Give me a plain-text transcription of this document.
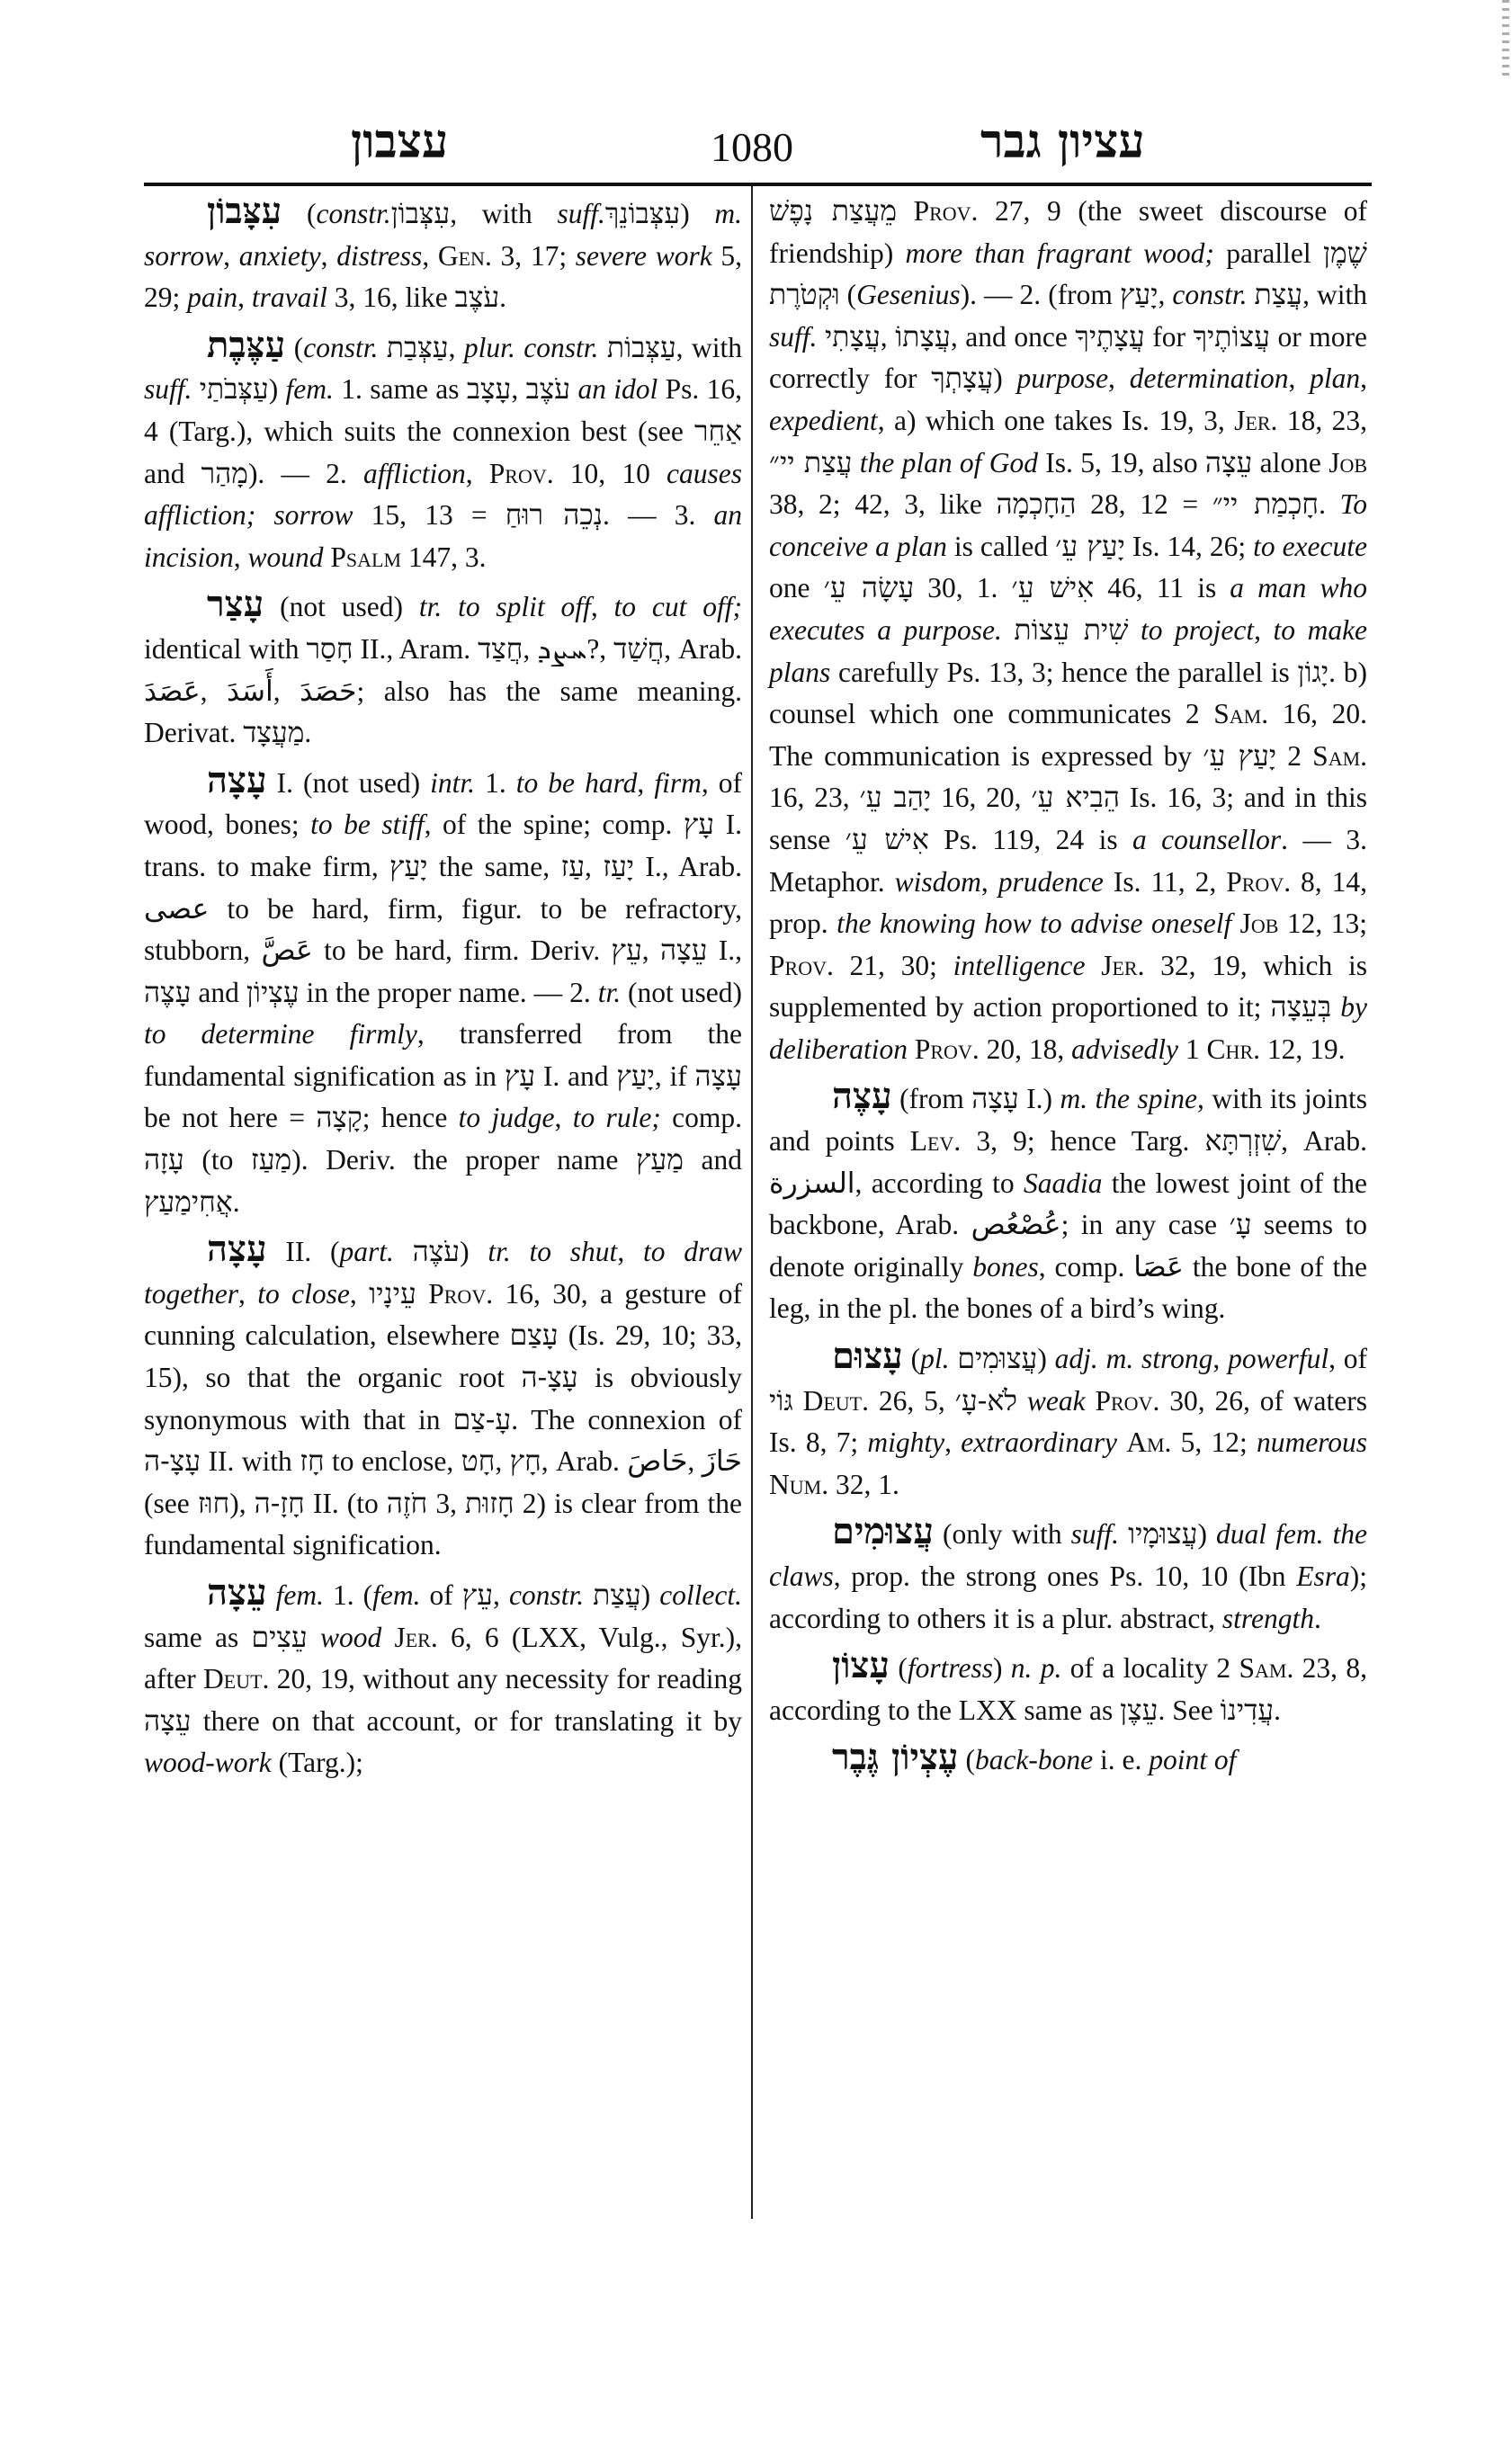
עצבון	1080	עציון גבר

עִצָּבוֹן (constr.עִצְּבוֹן, with suff.עִצְּבוֹנֵךְ) m. sorrow, anxiety, distress, Gen. 3, 17; severe work 5, 29; pain, travail 3, 16, like עֹצֶב.

עַצֶּבֶת (constr. עַצְּבַת, plur. constr. עַצְּבוֹת, with suff. עַצְּבֹתַי) fem. 1. same as עָצָב, עֹצֶב an idol Ps. 16, 4 (Targ.), which suits the connexion best (see אַחֵר and מָהַר). — 2. affliction, Prov. 10, 10 causes affliction; sorrow 15, 13 = נְכֵה רוּחַ. — 3. an incision, wound Psalm 147, 3.

עָצַר (not used) tr. to split off, to cut off; identical with חָסַר II., Aram. חֲצַד, ܚܨܕ?, חֲשַׁד, Arab. عَصَدَ, أَسَدَ, حَصَدَ; also has the same meaning. Derivat. מַעֲצָד.

עָצָה I. (not used) intr. 1. to be hard, firm, of wood, bones; to be stiff, of the spine; comp. עָץ I. trans. to make firm, יָעַץ the same, עַז, יָעַז I., Arab. عصى to be hard, firm, figur. to be refractory, stubborn, عَصَّ to be hard, firm. Deriv. עֵץ, עֵצָה I., עָצֶה and עֶצְיוֹן in the proper name. — 2. tr. (not used) to determine firmly, transferred from the fundamental signification as in עָץ I. and יָעַץ, if עָצָה be not here = קָצָה; hence to judge, to rule; comp. עָזָה (to מַעַז). Deriv. the proper name מַעַץ and אֲחִימַעַץ.

עָצָה II. (part. עֹצֶה) tr. to shut, to draw together, to close, עֵינָיו Prov. 16, 30, a gesture of cunning calculation, elsewhere עָצַם (Is. 29, 10; 33, 15), so that the organic root עָצָ-ה is obviously synonymous with that in עָ-צַם. The connexion of עָצָ-ה II. with חָז to enclose, חָט, חָץ, Arab. حَاصَ, حَازَ (see חוּז), חָזָ-ה II. (to חֹזֶה 3, חָזוּת 2) is clear from the fundamental signification.

עֵצָה fem. 1. (fem. of עֵץ, constr. עֲצַת) collect. same as עֵצִים wood Jer. 6, 6 (LXX, Vulg., Syr.), after Deut. 20, 19, without any necessity for reading עֵצָה there on that account, or for translating it by wood-work (Targ.);

מֵעֲצַת נָפֶשׁ Prov. 27, 9 (the sweet discourse of friendship) more than fragrant wood; parallel שֶׁמֶן וּקְטֹרֶת (Gesenius). — 2. (from יָעַץ, constr. עֲצַת, with suff. עֲצָתִי, עֲצָתוֹ, and once עֲצָתֶיךָ for עֲצוֹתֶיךָ or more correctly for עֲצָתְךָ) purpose, determination, plan, expedient, a) which one takes Is. 19, 3, Jer. 18, 23, עֲצַת יי״ the plan of God Is. 5, 19, also עֵצָה alone Job 38, 2; 42, 3, like הַחָכְמָה 28, 12 = חָכְמַת יי״. To conceive a plan is called יָעַץ עֵ׳ Is. 14, 26; to execute one עָשָׂה עֵ׳ 30, 1. אִישׁ עֵ׳ 46, 11 is a man who executes a purpose. שִׁית עֵצוֹת to project, to make plans carefully Ps. 13, 3; hence the parallel is יָגוֹן. b) counsel which one communicates 2 Sam. 16, 20. The communication is expressed by יָעַץ עֵ׳ 2 Sam. 16, 23, יָהַב עֵ׳ 16, 20, הֵבִיא עֵ׳ Is. 16, 3; and in this sense אִישׁ עֵ׳ Ps. 119, 24 is a counsellor. — 3. Metaphor. wisdom, prudence Is. 11, 2, Prov. 8, 14, prop. the knowing how to advise oneself Job 12, 13; Prov. 21, 30; intelligence Jer. 32, 19, which is supplemented by action proportioned to it; בְּעֵצָה by deliberation Prov. 20, 18, advisedly 1 Chr. 12, 19.

עָצֶה (from עָצָה I.) m. the spine, with its joints and points Lev. 3, 9; hence Targ. שִׁזְרְתָּא, Arab. السزرة, according to Saadia the lowest joint of the backbone, Arab. عُصْعُص; in any case עָ׳ seems to denote originally bones, comp. عَصَا the bone of the leg, in the pl. the bones of a bird’s wing.

עָצוּם (pl. עֲצוּמִים) adj. m. strong, powerful, of גּוֹי Deut. 26, 5, לֹא-עָ׳ weak Prov. 30, 26, of waters Is. 8, 7; mighty, extraordinary Am. 5, 12; numerous Num. 32, 1.

עֲצוּמִים (only with suff. עֲצוּמָיו) dual fem. the claws, prop. the strong ones Ps. 10, 10 (Ibn Esra); according to others it is a plur. abstract, strength.

עָצוֹן (fortress) n. p. of a locality 2 Sam. 23, 8, according to the LXX same as עֵצֶן. See עֲדִינוֹ.

עֶצְיוֹן גֶּבֶר (back-bone i. e. point of
